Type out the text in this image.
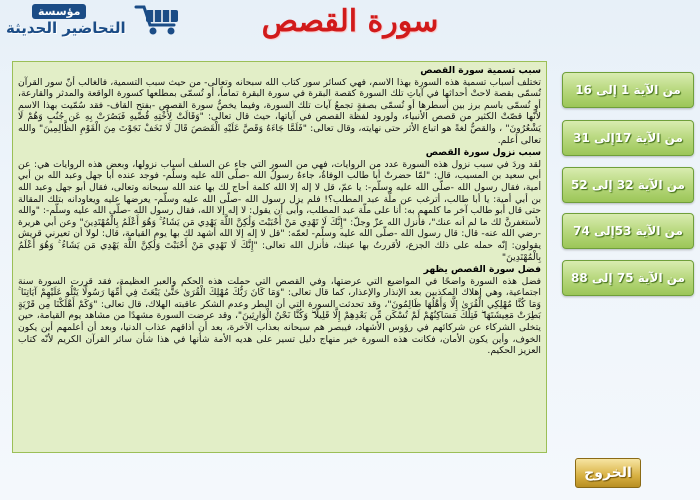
مؤسسة
التحاضير الحديثة	سورة القصص

سبب تسمية سورة القصص

تختلف أسباب تسمية هذه السورة بهذا الاسم، فهي كسائر سور كتاب الله سبحانه وتعالى- من حيث سبب التسمية، فالغالب أنّ سور القرآن تُسمّى بقصة لاحتْ أحداثها في آياتِ تلك السورة كقصة البقرة في سورة البقرة تماماً، أو تُسمّى بمطلعها كسورة الواقعة والمدثر والقارعة، أو تُسمّى باسم برز بين أسطرها أو تُسمّى بصفةٍ تجمعُ آيات تلك السورة، وفيما يخصُّ سورة القصص -بفتح القاف- فقد سُمّيت بهذا الاسم لأنّها قصّتْ الكثير من قصص الأنبياء، ولورود لفظة القصص في آياتها، حيث قال تعالى: "وَقَالَتْ لِأُخْتِهِ قُصِّيهِ فَبَصُرَتْ بِهِ عَن جُنُبٍ وَهُمْ لَا يَشْعُرُونَ" ، والقصُّ لغةً هو اتباع الأثر حتى نهايته، وقال تعالى: "فَلَمَّا جَاءَهُ وَقَصَّ عَلَيْهِ الْقَصَصَ قَالَ لَا تَخَفْ نَجَوْتَ مِنَ الْقَوْمِ الظَّالِمِينَ" والله تعالى أعلم.

سبب نزول سورة القصص

لقد وردَ في سبب نزول هذه السورة عدد من الروايات، فهي من السور التي جاء عن السلف أسباب نزولها، وبعض هذه الروايات هي: عن أبي سعيد بن المسيب، قال: "لمّا حضرتْ أبا طالب الوفاةُ، جاءهُ رسولُ الله -صلّى الله عليه وسلّم- فوجد عنده أبا جهل وعبد الله بن أبي أمية، فقال رسول الله -صلّى الله عليه وسلّم-: يا عمّ، قل لا إله إلا الله كلمة أحاج لك بها عند الله سبحانه وتعالى، فقال أبو جهل وعبد الله بن أبي أمية: يا أبا طالب، أترغب عن ملّة عبد المطلب؟! فلم يزل رسول الله -صلّى الله عليه وسلّم- يعرضها عليه ويعاودانه بتلك المقالة حتى قال أبو طالب آخر ما كلمهم به: أنا على ملّة عبد المطلب، وأبى أن يقول: لا إله إلا الله، فقال رسول الله -صلّى الله عليه وسلّم-: "والله لأستغفرنَّ لك ما لم أنه عنك"، فأنزل الله عزّ وجلّ: "إِنَّكَ لَا تَهْدِي مَنْ أَحْبَبْتَ وَلَٰكِنَّ اللَّهَ يَهْدِي مَن يَشَاءُ ۚ وَهُوَ أَعْلَمُ بِالْمُهْتَدِينَ" وعن أبي هريرة -رضي الله عنه- قال: قال رسول الله -صلّى الله عليه وسلّم- لعمّه: "قل لا إله إلا الله أشهد لك بها يوم القيامة، قال: لولا أن تعيرني قريش يقولون: إنّه حمله على ذلك الجزع، لأقررتُ بها عينك، فأنزل الله تعالى: "إِنَّكَ لَا تَهْدِي مَنْ أَحْبَبْتَ وَلَٰكِنَّ اللَّهَ يَهْدِي مَن يَشَاءُ ۚ وَهُوَ أَعْلَمُ بِالْمُهْتَدِينَ"

فضل سورة القصص يظهر

فضل هذه السورة واضحًا في المواضيع التي عرضتها، وفي القصص التي حملت هذه الحكم والعبر العظيمة، فقد قررت السورة سنة اجتماعية، وهي إهلاك المكذبين بعد الإنذار والإعذار، كما قال تعالى: "وَمَا كَانَ رَبُّكَ مُهْلِكَ الْقُرَىٰ حَتَّىٰ يَبْعَثَ فِي أُمِّهَا رَسُولًا يَتْلُو عَلَيْهِمْ آيَاتِنَا ۚ وَمَا كُنَّا مُهْلِكِي الْقُرَىٰ إِلَّا وَأَهْلُهَا ظَالِمُونَ"، وقد تحدثت السورة التي أن البطر وعدم الشكر عاقبته الهلاك، قال تعالى: "وَكَمْ أَهْلَكْنَا مِن قَرْيَةٍ بَطِرَتْ مَعِيشَتَهَا ۖ فَتِلْكَ مَسَاكِنُهُمْ لَمْ تُسْكَن مِّن بَعْدِهِمْ إِلَّا قَلِيلًا ۖ وَكُنَّا نَحْنُ الْوَارِثِينَ"، وقد عرضت السورة مشهدًا من مشاهد يوم القيامة، حين يتخلى الشركاء عن شركائهم في رؤوس الأشهاد، فيبصر هم سبحانه بعذاب الآخرة، بعد أن أذاقهم عذاب الدنيا، وبعد أن أعلمهم أين يكون الخوف، وأين يكون الأمان، فكانت هذه السورة خير منهاج دليل تسير على هديه الأمة شأنها في هذا شأن سائر القرآن الكريم لأنّه كتاب العزيز الحكيم.

من الآية 1 إلى 16
من الآية 17إلى 31
من الآية 32 إلى 52
من الآية 53إلى 74
من الآية 75 إلى 88
الخروج
